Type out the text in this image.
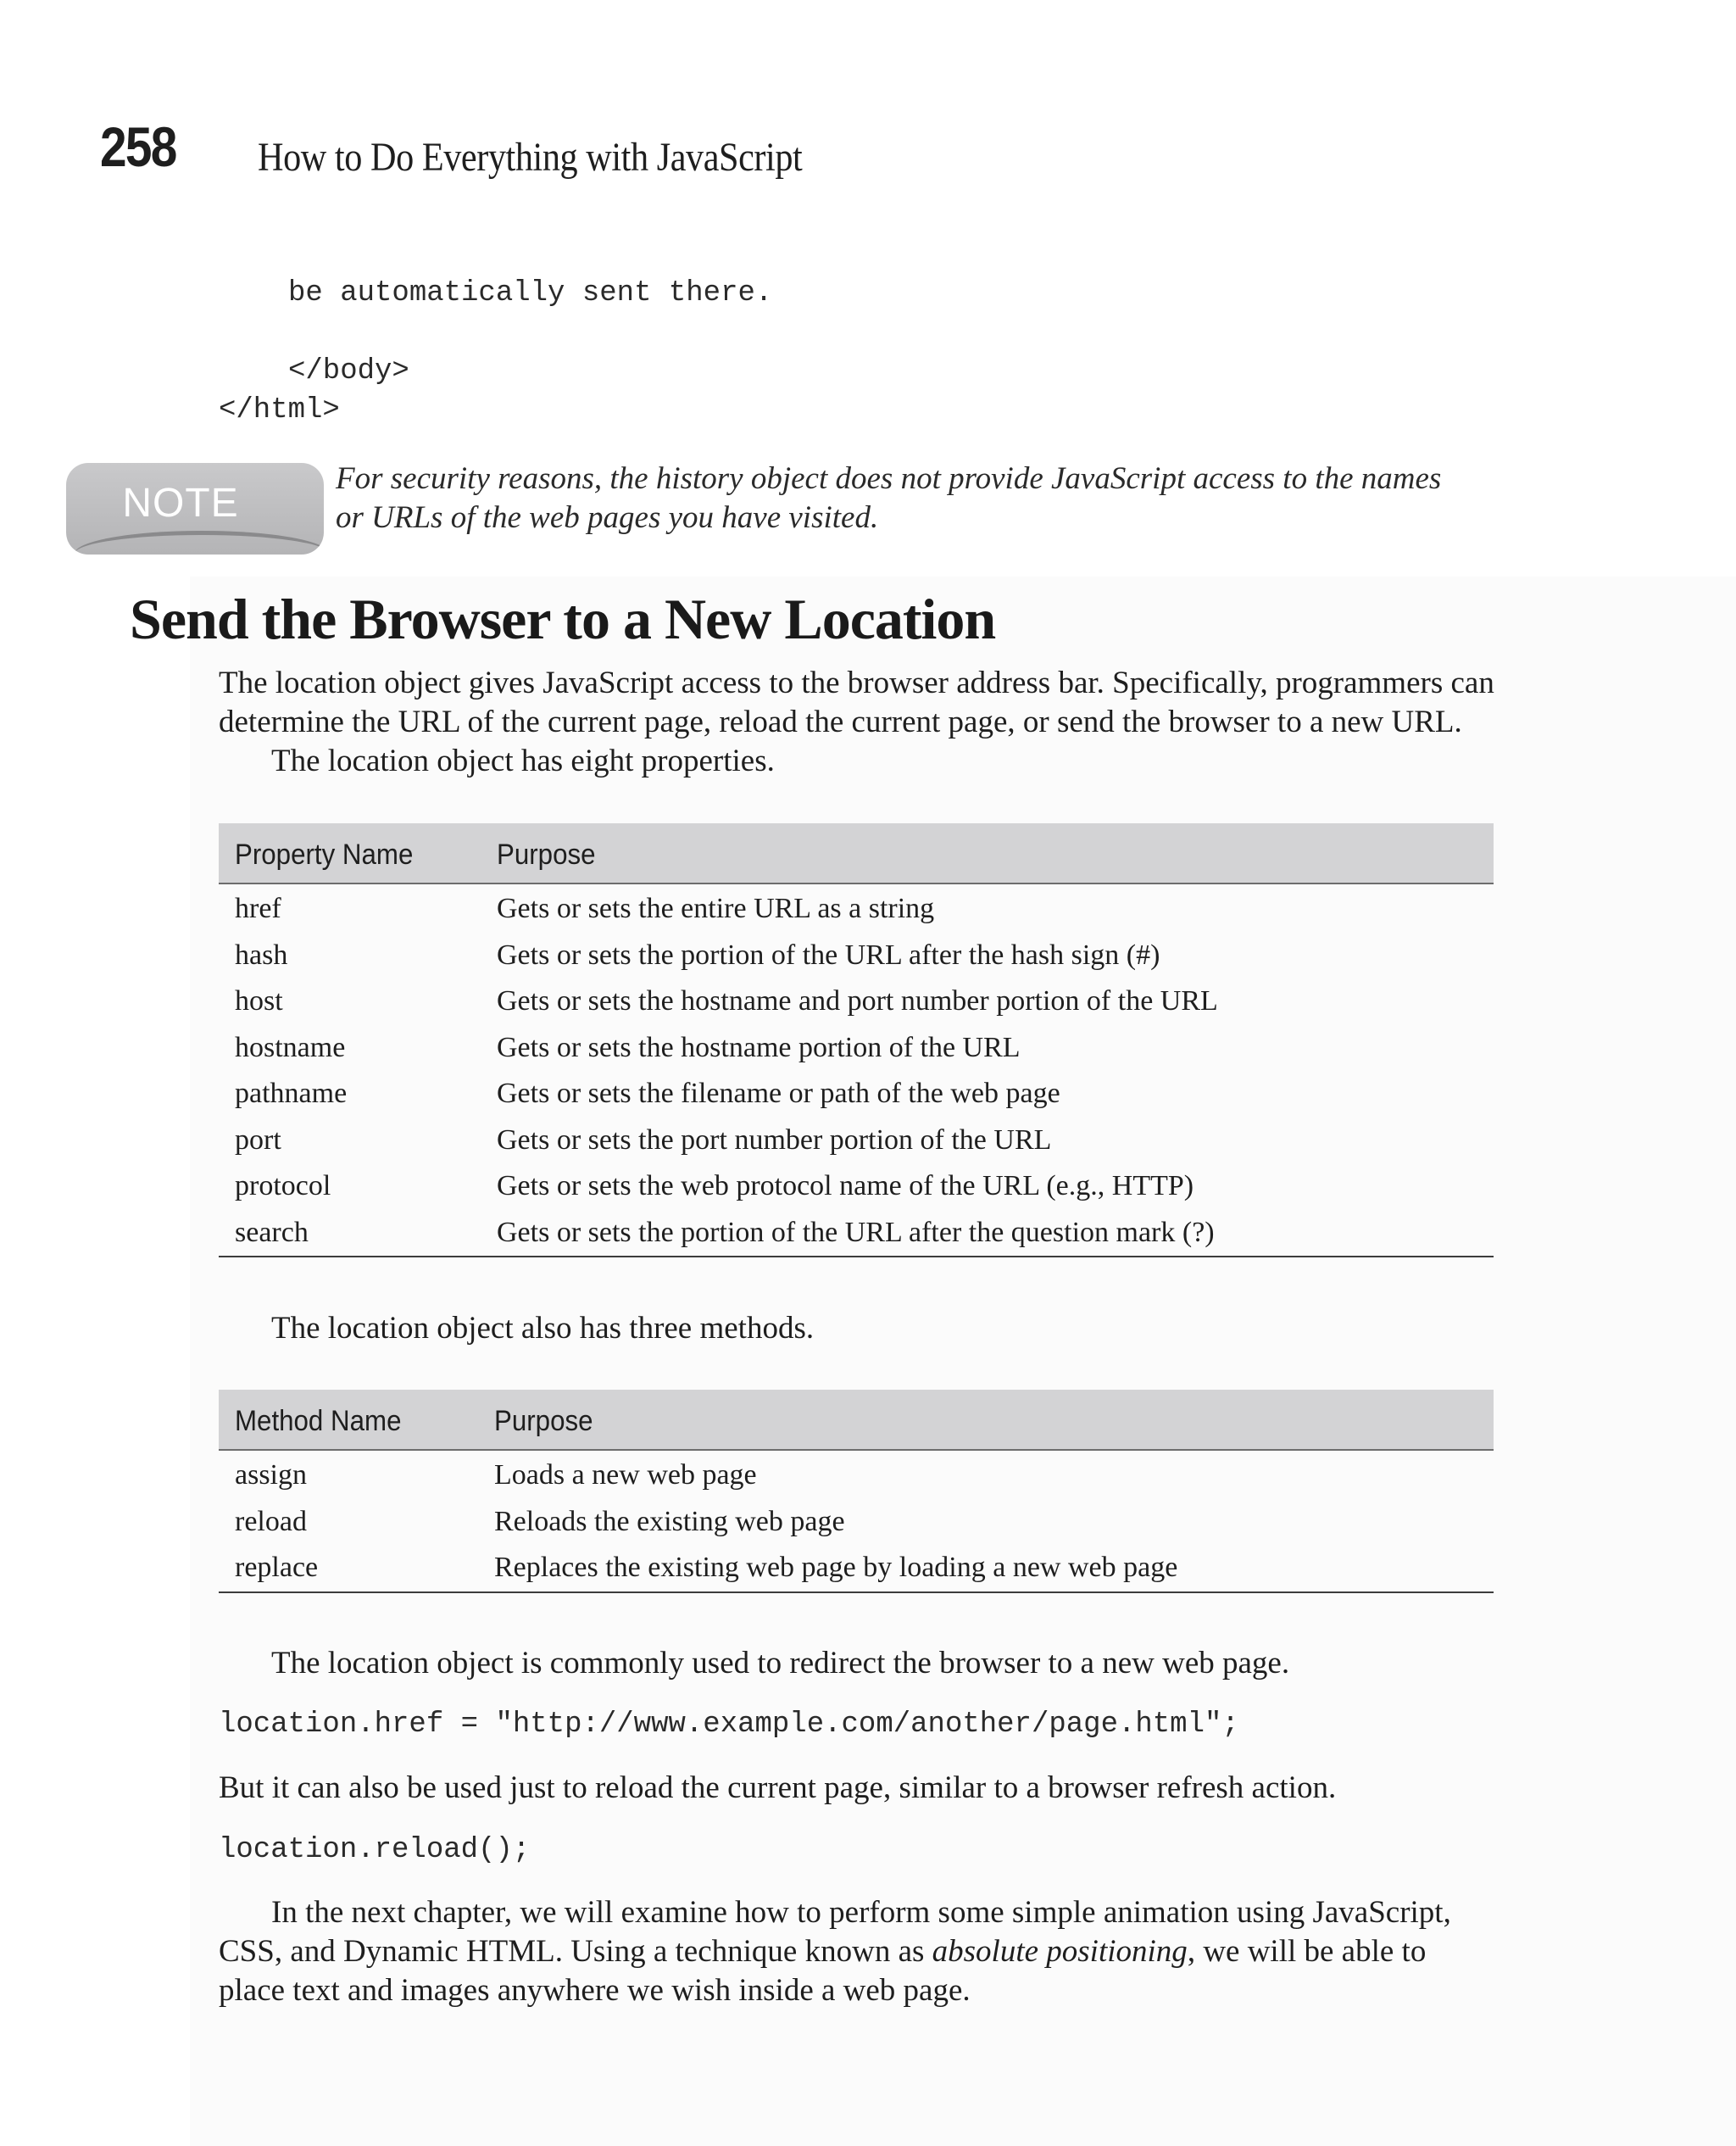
258 How to Do Everything with JavaScript
be automatically sent there.
</body>
</html>
NOTE
For security reasons, the history object does not provide JavaScript access to the names
or URLs of the web pages you have visited.
Send the Browser to a New Location
The location object gives JavaScript access to the browser address bar. Specifically, programmers can
determine the URL of the current page, reload the current page, or send the browser to a new URL.
The location object has eight properties.
Property Name	Purpose
href	Gets or sets the entire URL as a string
hash	Gets or sets the portion of the URL after the hash sign (#)
host	Gets or sets the hostname and port number portion of the URL
hostname	Gets or sets the hostname portion of the URL
pathname	Gets or sets the filename or path of the web page
port	Gets or sets the port number portion of the URL
protocol	Gets or sets the web protocol name of the URL (e.g., HTTP)
search	Gets or sets the portion of the URL after the question mark (?)
The location object also has three methods.
Method Name	Purpose
assign	Loads a new web page
reload	Reloads the existing web page
replace	Replaces the existing web page by loading a new web page
The location object is commonly used to redirect the browser to a new web page.
location.href = "http://www.example.com/another/page.html";
But it can also be used just to reload the current page, similar to a browser refresh action.
location.reload();
In the next chapter, we will examine how to perform some simple animation using JavaScript,
CSS, and Dynamic HTML. Using a technique known as absolute positioning, we will be able to
place text and images anywhere we wish inside a web page.
